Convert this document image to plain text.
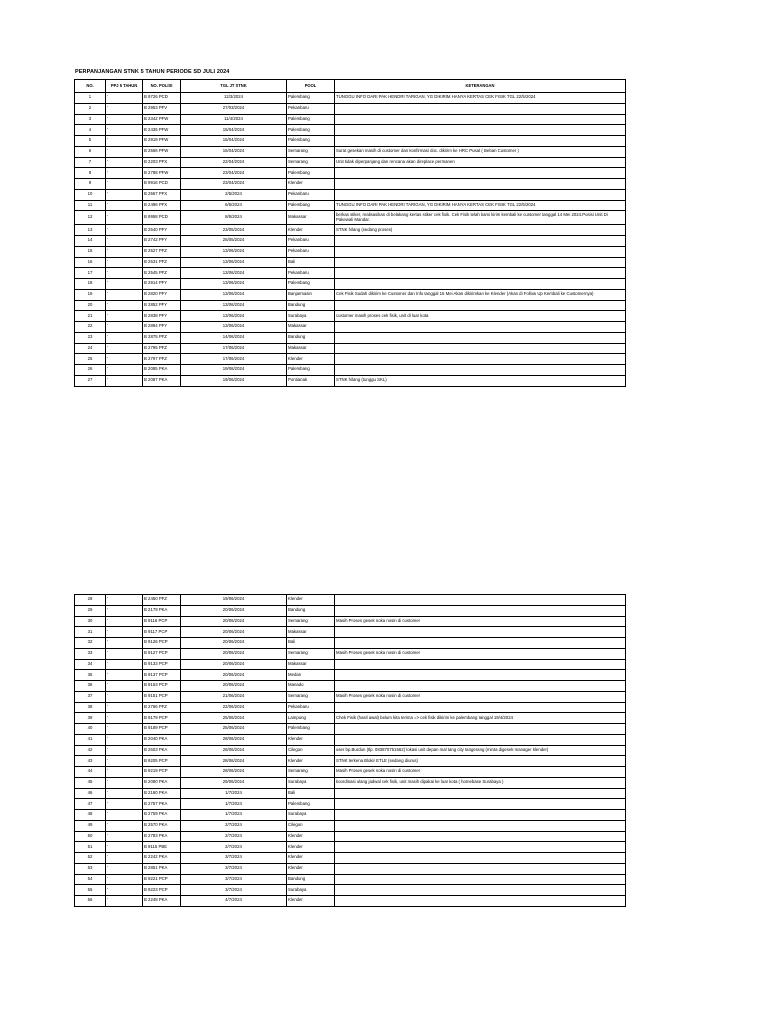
PERPANJANGAN STNK 5 TAHUN PERIODE SD JULI 2024
NO.	PPJ 5 TAHUN	NO. POLISI	TGL JT STNK	POOL	KETERANGAN
1	'	B 9726 PCD	12/3/2024	Palembang	TUNGGU INFO DARI PAK HENDRI TARIGAN, YG DIKIRIM HANYA KERTAS CEK FISIK TGL 22/5/2024
2	'	B 2953 PFV	27/03/2024	Pekanbaru	
3	'	B 2342 PFW	11/4/2024	Palembang	
4	'	B 2436 PFW	15/04/2024	Palembang	
5	'	B 2919 PFW	15/04/2024	Palembang	
6	'	B 2566 PFW	16/04/2024	Semarang	Surat gesekan masih di customer dan konfirmasi doc. dikirim ke HRC Pusat ( Beban Customer )
7	'	B 2203 PFX	22/04/2024	Semarang	Unit tidak diperpanjang dan rencana akan direplace permanen
8	'	B 2788 PFW	23/04/2024	Palembang	
9	'	B 9916 PCD	23/04/2024	Klender	
10	'	B 2567 PFX	2/5/2024	Pekanbaru	
11	'	B 2496 PFX	6/5/2024	Palembang	TUNGGU INFO DARI PAK HENDRI TARIGAN, YG DIKIRIM HANYA KERTAS CEK FISIK TGL 22/5/2024
12	'	B 9958 PCD	8/5/2024	Makassar	berkas stiker, realisasikan di belakang kertas stiker cek fisik. Cek Fisik telah kami kirim kembali ke customer tanggal 14 Mei 2024.Posisi Unit Di Pakewali Mandar.

13	'	B 2540 PFY	23/05/2024	Klender	STNK hilang (sedang proses)
14	'	B 2742 PFY	25/05/2024	Pekanbaru	
15	'	B 2527 PFZ	13/06/2024	Pekanbaru	
16	'	B 2531 PFZ	13/06/2024	Bali	
17	'	B 2545 PFZ	13/06/2024	Pekanbaru	
18	'	B 2914 PFY	13/06/2024	Palembang	
19	'	B 2820 PFY	13/06/2024	Banjarmasin	Cek Fisik Sudah dikirim ke Customer dan Info tanggal 16 Mei Akan dikirimkan ke Klender (Akan di Follow Up Kembali ke Customernya)
20	'	B 2852 PFY	13/06/2024	Bandung	
21	'	B 2838 PFY	13/06/2024	Surabaya	customer masih proses cek fisik, unit di luar kota
22	'	B 2894 PFY	13/06/2024	Makassar	
23	'	B 2875 PFZ	14/06/2024	Bandung	
24	'	B 2795 PFZ	17/06/2024	Makassar	
25	'	B 2797 PFZ	17/06/2024	Klender	
26	'	B 2085 PKA	19/06/2024	Palembang	
27	'	B 2087 PKA	19/06/2024	Pontianak	STNK hilang (tunggu SKL)
28	'	B 2450 PFZ	19/06/2024	Klender	
29	'	B 2179 PKA	20/06/2024	Bandung	
30	'	B 9116 PCP	20/06/2024	Semarang	Masih Proses gesek noka nosin di customer
31	'	B 9117 PCP	20/06/2024	Makassar	
32	'	B 9126 PCP	20/06/2024	Bali	
33	'	B 9127 PCP	20/06/2024	Semarang	Masih Proses gesek noka nosin di customer
34	'	B 9133 PCP	20/06/2024	Makassar	
35	'	B 9137 PCP	20/06/2024	Medan	
36	'	B 9153 PCP	20/06/2024	Manado	
37	'	B 9151 PCP	21/06/2024	Semarang	Masih Proses gesek noka nosin di customer
38	'	B 2766 PFZ	22/06/2024	Pekanbaru	
39	'	B 9179 PCP	25/06/2024	Lampung	Chek Fisik (hasil awal) belum kita terima => cek fisik dikirim ke palembang tanggal 19/4/2024
40	'	B 9189 PCP	25/06/2024	Palembang	
41	'	B 2040 PKA	28/06/2024	Klender	
42	'	B 2603 PKA	28/06/2024	Cilegon	user bp.Burdun (tlp. 083870751562) lokasi unit depan mal tang city tangerang (minta digesek manager klender)
43	'	B 9205 PCP	28/06/2024	Klender	STNK terkena Blokir ETLE (sedang diurus)
44	'	B 9219 PCP	28/06/2024	Semarang	Masih Proses gesek noka nosin di customer
45	'	B 2080 PKA	29/06/2024	Surabaya	koordinasi ulang jadwal cek fisik, unit masih dipakai ke luar kota ( homebase Surabaya )
46	'	B 2160 PKA	1/7/2024	Bali	
47	'	B 2757 PKA	1/7/2024	Palembang	
48	'	B 2759 PKA	1/7/2024	Surabaya	
49	'	B 2570 PKA	2/7/2024	Cilegon	
50	'	B 2783 PKA	2/7/2024	Klender	
51	'	B 9115 PBE	2/7/2024	Klender	
52	'	B 2242 PKA	3/7/2024	Klender	
53	'	B 2851 PKA	3/7/2024	Klender	
54	'	B 9221 PCP	3/7/2024	Bandung	
55	'	B 9223 PCP	3/7/2024	Surabaya	
56	'	B 2248 PKA	4/7/2024	Klender	
